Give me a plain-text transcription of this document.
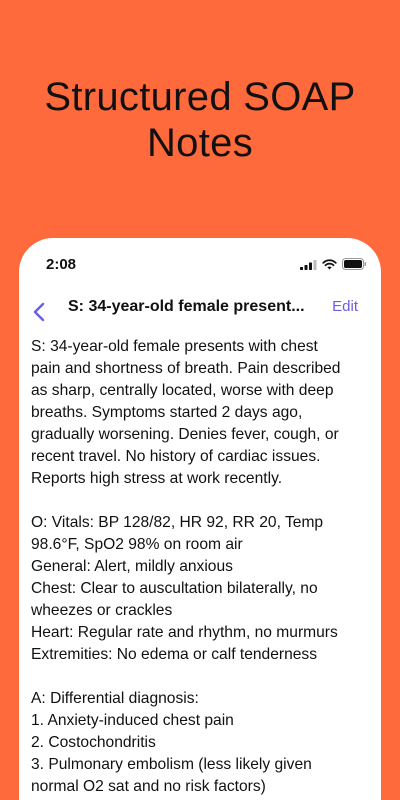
Structured SOAP
Notes
2:08
S: 34-year-old female present...	Edit
S: 34-year-old female presents with chest
pain and shortness of breath. Pain described
as sharp, centrally located, worse with deep
breaths. Symptoms started 2 days ago,
gradually worsening. Denies fever, cough, or
recent travel. No history of cardiac issues.
Reports high stress at work recently.
O: Vitals: BP 128/82, HR 92, RR 20, Temp
98.6°F, SpO2 98% on room air
General: Alert, mildly anxious
Chest: Clear to auscultation bilaterally, no
wheezes or crackles
Heart: Regular rate and rhythm, no murmurs
Extremities: No edema or calf tenderness
A: Differential diagnosis:
1. Anxiety-induced chest pain
2. Costochondritis
3. Pulmonary embolism (less likely given
normal O2 sat and no risk factors)
